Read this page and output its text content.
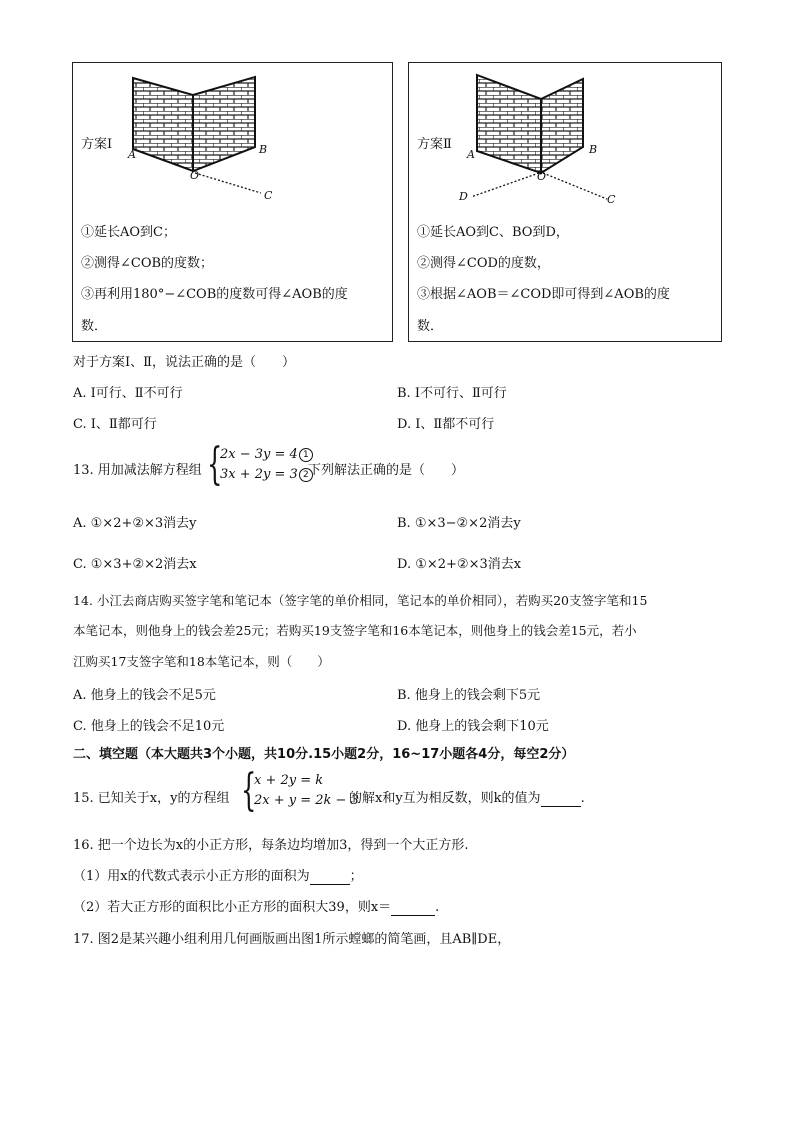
方案Ⅰ
A	B
O
C
①延长AO到C；
②测得∠COB的度数；
③再利用180°−∠COB的度数可得∠AOB的度
数．
方案Ⅱ
A	B
O
C
D
①延长AO到C、BO到D，
②测得∠COD的度数，
③根据∠AOB＝∠COD即可得到∠AOB的度
数．
对于方案Ⅰ、Ⅱ，说法正确的是（　　）
A. Ⅰ可行、Ⅱ不可行	B. Ⅰ不可行、Ⅱ可行
C. Ⅰ、Ⅱ都可行	D. Ⅰ、Ⅱ都不可行
13. 用加减法解方程组 {
2x − 3y = 4 1
3x + 2y = 3 2 下列解法正确的是（　　）
A. ①×2+②×3消去y	B. ①×3−②×2消去y
C. ①×3+②×2消去x	D. ①×2+②×3消去x
14. 小江去商店购买签字笔和笔记本（签字笔的单价相同，笔记本的单价相同），若购买20支签字笔和15
本笔记本，则他身上的钱会差25元；若购买19支签字笔和16本笔记本，则他身上的钱会差15元，若小
江购买17支签字笔和18本笔记本，则（　　）
A. 他身上的钱会不足5元	B. 他身上的钱会剩下5元
C. 他身上的钱会不足10元	D. 他身上的钱会剩下10元
二、填空题（本大题共3个小题，共10分.15小题2分，16~17小题各4分，每空2分）
15. 已知关于x，y的方程组 {
x + 2y = k
2x + y = 2k − 3
的解x和y互为相反数，则k的值为	.
16. 把一个边长为x的小正方形，每条边均增加3，得到一个大正方形.
（1）用x的代数式表示小正方形的面积为	；
（2）若大正方形的面积比小正方形的面积大39，则x＝	.
17. 图2是某兴趣小组利用几何画版画出图1所示螳螂的简笔画，且AB∥DE，
